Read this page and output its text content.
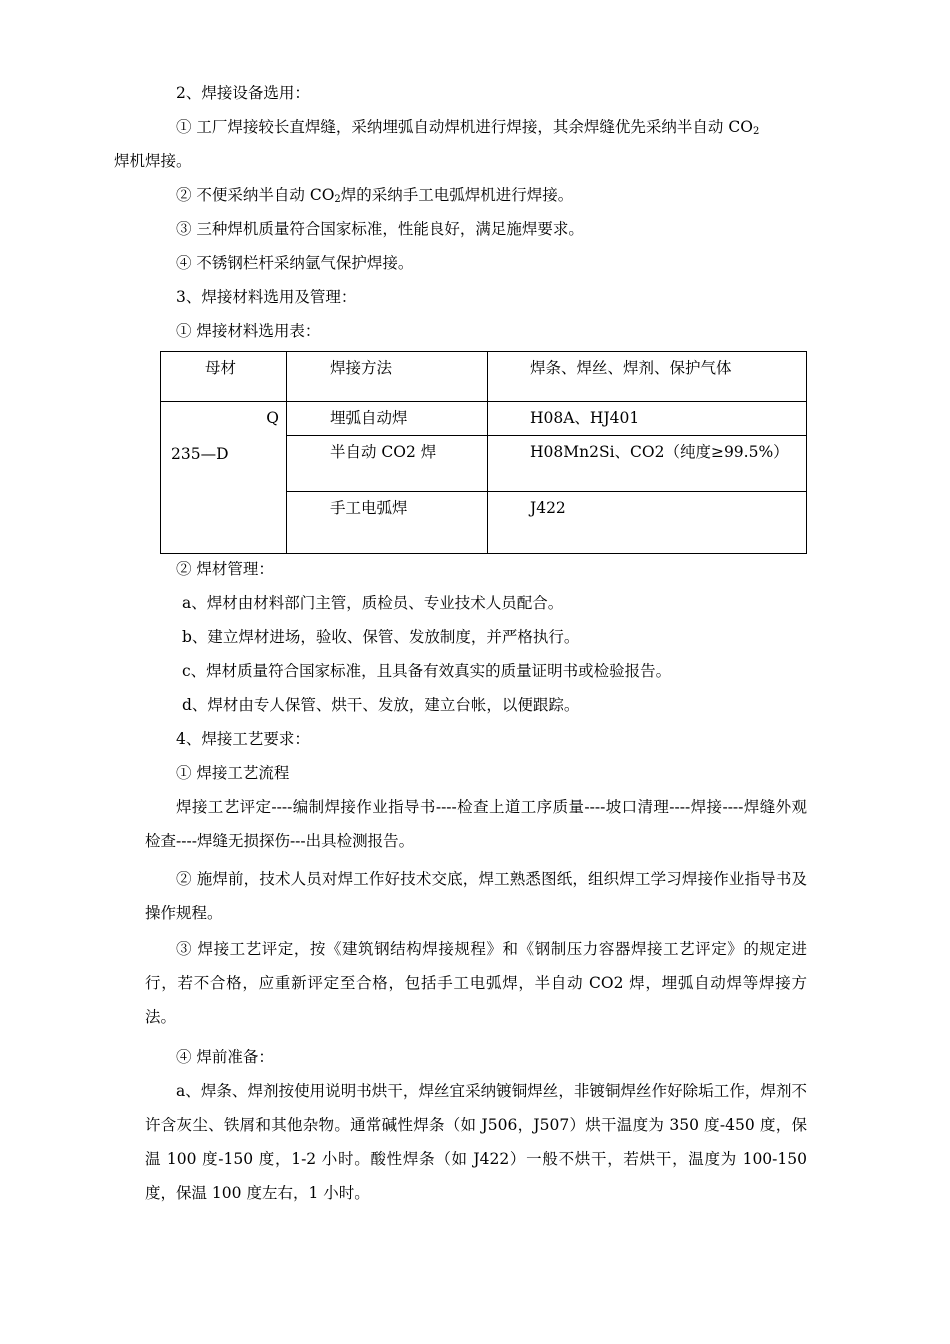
2、焊接设备选用：

① 工厂焊接较长直焊缝，采纳埋弧自动焊机进行焊接，其余焊缝优先采纳半自动 $CO_2$
焊机焊接。

② 不便采纳半自动 $CO_2$焊的采纳手工电弧焊机进行焊接。

③ 三种焊机质量符合国家标准，性能良好，满足施焊要求。

④ 不锈钢栏杆采纳氩气保护焊接。

3、焊接材料选用及管理：

① 焊接材料选用表：

母材	焊接方法	焊条、焊丝、焊剂、保护气体

Q
235—D	埋弧自动焊	H08A、HJ401

	半自动 CO2 焊	H08Mn2Si、CO2（纯度≥99.5%）

	手工电弧焊	J422

② 焊材管理：

a、焊材由材料部门主管，质检员、专业技术人员配合。

b、建立焊材进场，验收、保管、发放制度，并严格执行。

c、焊材质量符合国家标准，且具备有效真实的质量证明书或检验报告。

d、焊材由专人保管、烘干、发放，建立台帐，以便跟踪。

4、焊接工艺要求：

① 焊接工艺流程

焊接工艺评定----编制焊接作业指导书----检查上道工序质量----坡口清理----焊接----焊缝外观检查----焊缝无损探伤---出具检测报告。

② 施焊前，技术人员对焊工作好技术交底，焊工熟悉图纸，组织焊工学习焊接作业指导书及操作规程。

③ 焊接工艺评定，按《建筑钢结构焊接规程》和《钢制压力容器焊接工艺评定》的规定进行，若不合格，应重新评定至合格，包括手工电弧焊，半自动 CO2 焊，埋弧自动焊等焊接方法。

④ 焊前准备：

a、焊条、焊剂按使用说明书烘干，焊丝宜采纳镀铜焊丝，非镀铜焊丝作好除垢工作，焊剂不许含灰尘、铁屑和其他杂物。通常碱性焊条（如 J506，J507）烘干温度为 350 度-450 度，保温 100 度-150 度，1-2 小时。酸性焊条（如 J422）一般不烘干，若烘干，温度为 100-150 度，保温 100 度左右，1 小时。
